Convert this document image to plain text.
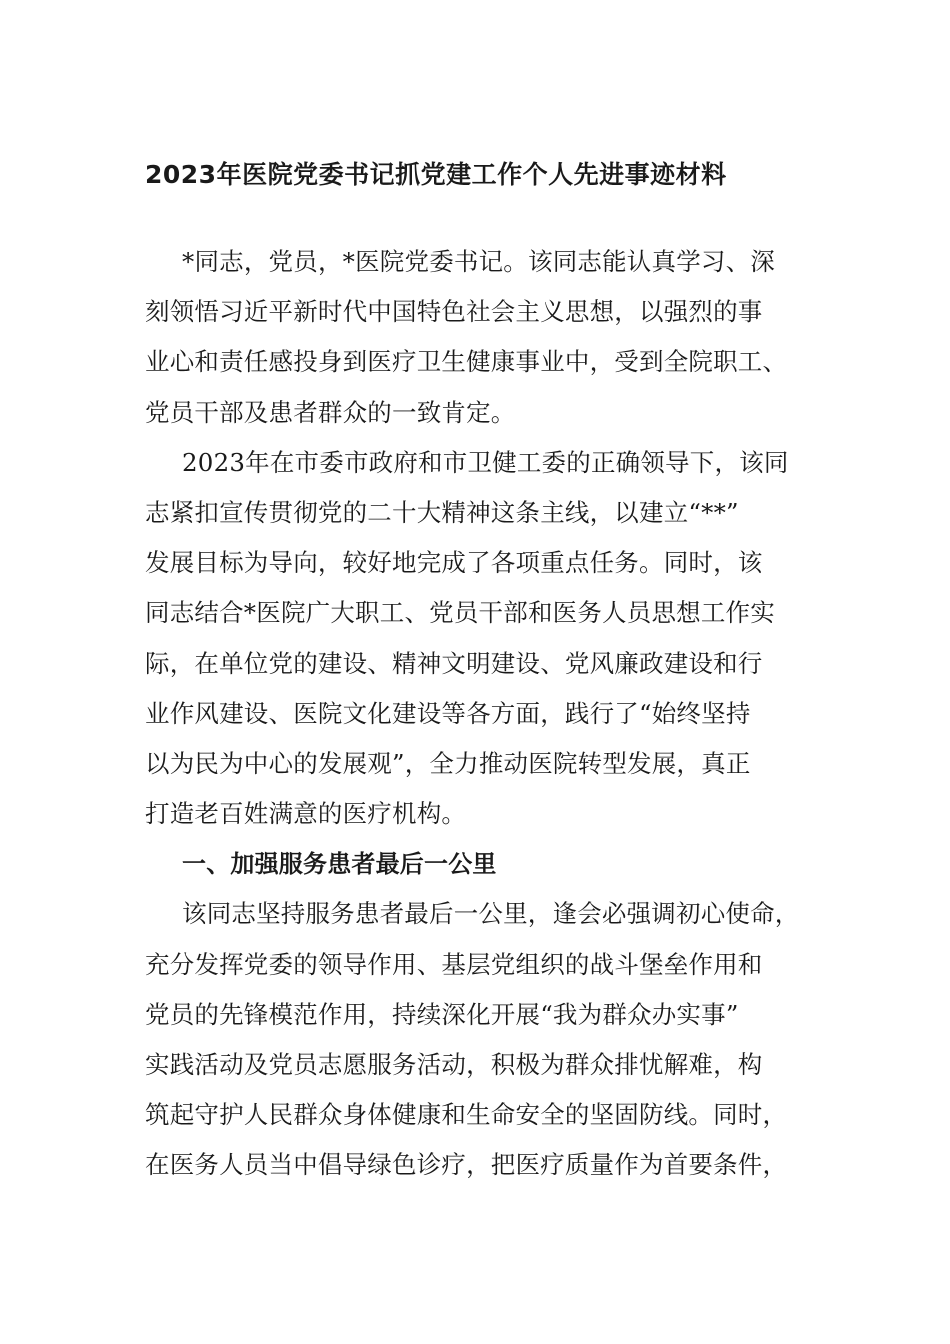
2023年医院党委书记抓党建工作个人先进事迹材料
*同志，党员，*医院党委书记。该同志能认真学习、深
刻领悟习近平新时代中国特色社会主义思想，以强烈的事
业心和责任感投身到医疗卫生健康事业中，受到全院职工、
党员干部及患者群众的一致肯定。
2023年在市委市政府和市卫健工委的正确领导下，该同
志紧扣宣传贯彻党的二十大精神这条主线，以建立“**”
发展目标为导向，较好地完成了各项重点任务。同时，该
同志结合*医院广大职工、党员干部和医务人员思想工作实
际，在单位党的建设、精神文明建设、党风廉政建设和行
业作风建设、医院文化建设等各方面，践行了“始终坚持
以为民为中心的发展观”，全力推动医院转型发展，真正
打造老百姓满意的医疗机构。
一、加强服务患者最后一公里
该同志坚持服务患者最后一公里，逢会必强调初心使命，
充分发挥党委的领导作用、基层党组织的战斗堡垒作用和
党员的先锋模范作用，持续深化开展“我为群众办实事”
实践活动及党员志愿服务活动，积极为群众排忧解难，构
筑起守护人民群众身体健康和生命安全的坚固防线。同时，
在医务人员当中倡导绿色诊疗，把医疗质量作为首要条件，
